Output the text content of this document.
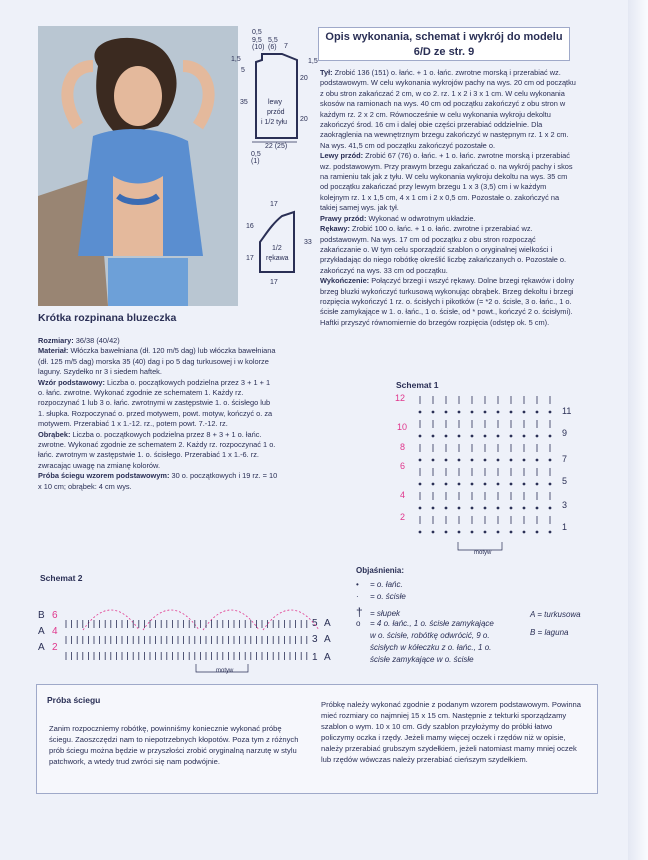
Krótka rozpinana bluzeczka

Rozmiary: 36/38 (40/42)

Materiał: Włóczka bawełniana (dł. 120 m/5 dag) lub włóczka bawełniana (dł. 125 m/5 dag) morska 35 (40) dag i po 5 dag turkusowej i w kolorze laguny. Szydełko nr 3 i siedem haftek.

Wzór podstawowy: Liczba o. początkowych podzielna przez 3 + 1 + 1 o. łańc. zwrotne. Wykonać zgodnie ze schematem 1. Każdy rz. rozpoczynać 1 lub 3 o. łańc. zwrotnymi w zastępstwie 1. o. ścisłego lub 1. słupka. Rozpoczynać o. przed motywem, powt. motyw, kończyć o. za motywem. Przerabiać 1 x 1.-12. rz., potem powt. 7.-12. rz.

Obrąbek: Liczba o. początkowych podzielna przez 8 + 3 + 1 o. łańc. zwrotne. Wykonać zgodnie ze schematem 2. Każdy rz. rozpoczynać 1 o. łańc. zwrotnym w zastępstwie 1. o. ścisłego. Przerabiać 1 x 1.-6. rz. zwracając uwagę na zmianę kolorów.

Próba ściegu wzorem podstawowym: 30 o. początkowych i 19 rz. = 10 x 10 cm; obrąbek: 4 cm wys.

0,5
9,5
(10)
5,5
(6) 7
1,5	1,5
5
20
35
20
lewy
przód
i 1/2 tyłu
22 (25)
0,5
(1)
17
16
17
33
1/2
rękawa
17
Opis wykonania, schemat i wykrój do modelu 6/D ze str. 9

Tył: Zrobić 136 (151) o. łańc. + 1 o. łańc. zwrotne morską i przerabiać wz. podstawowym. W celu wykonania wykrojów pachy na wys. 20 cm od początku z obu stron zakańczać 2 cm, w co 2. rz. 1 x 2 i 3 x 1 cm. W celu wykonania skosów na ramionach na wys. 40 cm od początku zakończyć z obu stron w każdym rz. 2 x 2 cm. Równocześnie w celu wykonania wykroju dekoltu zakończyć środ. 16 cm i dalej obie części przerabiać oddzielnie. Dla zaokrąglenia na wewnętrznym brzegu zakończyć w następnym rz. 1 x 2 cm. Na wys. 41,5 cm od początku zakończyć pozostałe o.

Lewy przód: Zrobić 67 (76) o. łańc. + 1 o. łańc. zwrotne morską i przerabiać wz. podstawowym. Przy prawym brzegu zakańczać o. na wykrój pachy i skos na ramieniu tak jak z tyłu. W celu wykonania wykroju dekoltu na wys. 35 cm od początku zakańczać przy lewym brzegu 1 x 3 (3,5) cm i w każdym kolejnym rz. 1 x 1,5 cm, 4 x 1 cm i 2 x 0,5 cm. Pozostałe o. zakończyć na takiej samej wys. jak tył.

Prawy przód: Wykonać w odwrotnym układzie.

Rękawy: Zrobić 100 o. łańc. + 1 o. łańc. zwrotne i przerabiać wz. podstawowym. Na wys. 17 cm od początku z obu stron rozpocząć zakańczanie o. W tym celu sporządzić szablon o oryginalnej wielkości i przykładając do niego robótkę określić liczbę zakańczanych o. Pozostałe o. zakończyć na wys. 33 cm od początku.

Wykończenie: Połączyć brzegi i wszyć rękawy. Dolne brzegi rękawów i dolny brzeg bluzki wykończyć turkusową wykonując obrąbek. Brzeg dekoltu i brzegi rozpięcia wykończyć 1 rz. o. ścisłych i pikotków (= *2 o. ścisłe, 3 o. łańc., 1 o. ścisłe zamykające w 1. o. łańc., 1 o. ścisłe, od * powt., kończyć 2 o. ścisłymi). Haftki przyszyć równomiernie do brzegów rozpięcia (odstęp ok. 5 cm).

Schemat 1
12
10
8
6
4
2
11
9
7
5
3
1
motyw
Schemat 2
B
A
A
6
4
2
5 A
3 A
1 A
motyw
Objaśnienia:
• = o. łańc.
· = o. ścisłe
† = słupek
o = 4 o. łańc., 1 o. ścisłe zamykające
w o. ścisłe, robótkę odwrócić, 9 o.
ścisłych w kółeczku z o. łańc., 1 o.
ścisłe zamykające w o. ścisłe
A = turkusowa
B = laguna
Próba ściegu
Zanim rozpoczniemy robótkę, powinniśmy koniecznie wykonać próbę ściegu. Zaoszczędzi nam to niepotrzebnych kłopotów. Poza tym z różnych prób ściegu można będzie w przyszłości zrobić oryginalną narzutę w stylu patchwork, a wtedy trud zwróci się nam podwójnie.
Próbkę należy wykonać zgodnie z podanym wzorem podstawowym. Powinna mieć rozmiary co najmniej 15 x 15 cm. Następnie z tekturki sporządzamy szablon o wym. 10 x 10 cm. Gdy szablon przyłożymy do próbki łatwo policzymy oczka i rzędy. Jeżeli mamy więcej oczek i rzędów niż w opisie, należy przerabiać grubszym szydełkiem, jeżeli natomiast mamy mniej oczek lub rzędów wówczas należy przerabiać cieńszym szydełkiem.
